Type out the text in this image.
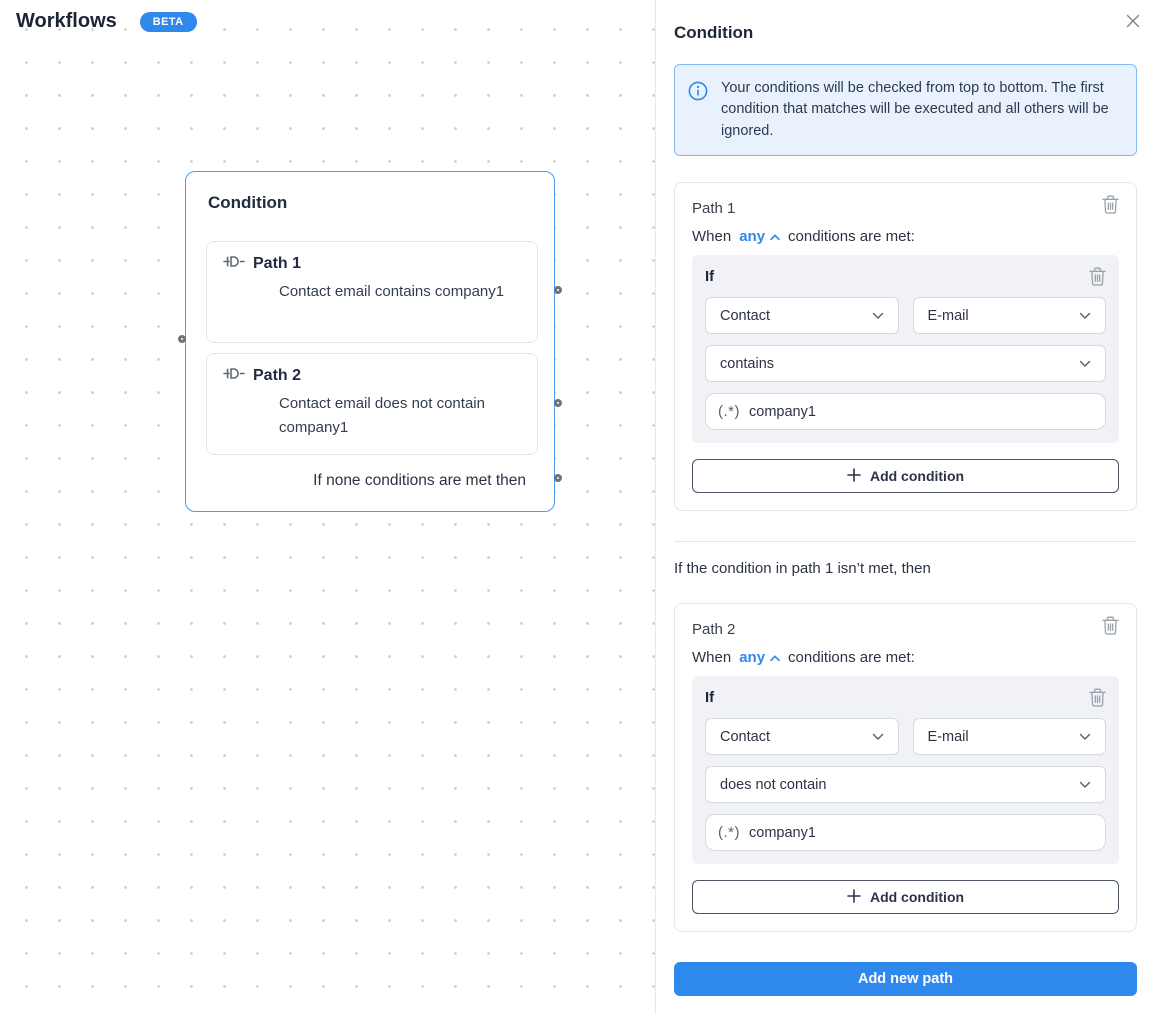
Workflows	BETA
Condition
Path 1
Contact email contains company1
Path 2
Contact email does not contain company1
If none conditions are met then
Condition
Your conditions will be checked from top to bottom. The first condition that matches will be executed and all others will be ignored.
Path 1
When any conditions are met:
If
Contact	E-mail
contains
(.*)
company1
Add condition
If the condition in path 1 isn’t met, then
Path 2
When any conditions are met:
If
Contact	E-mail
does not contain
(.*)
company1
Add condition
Add new path
